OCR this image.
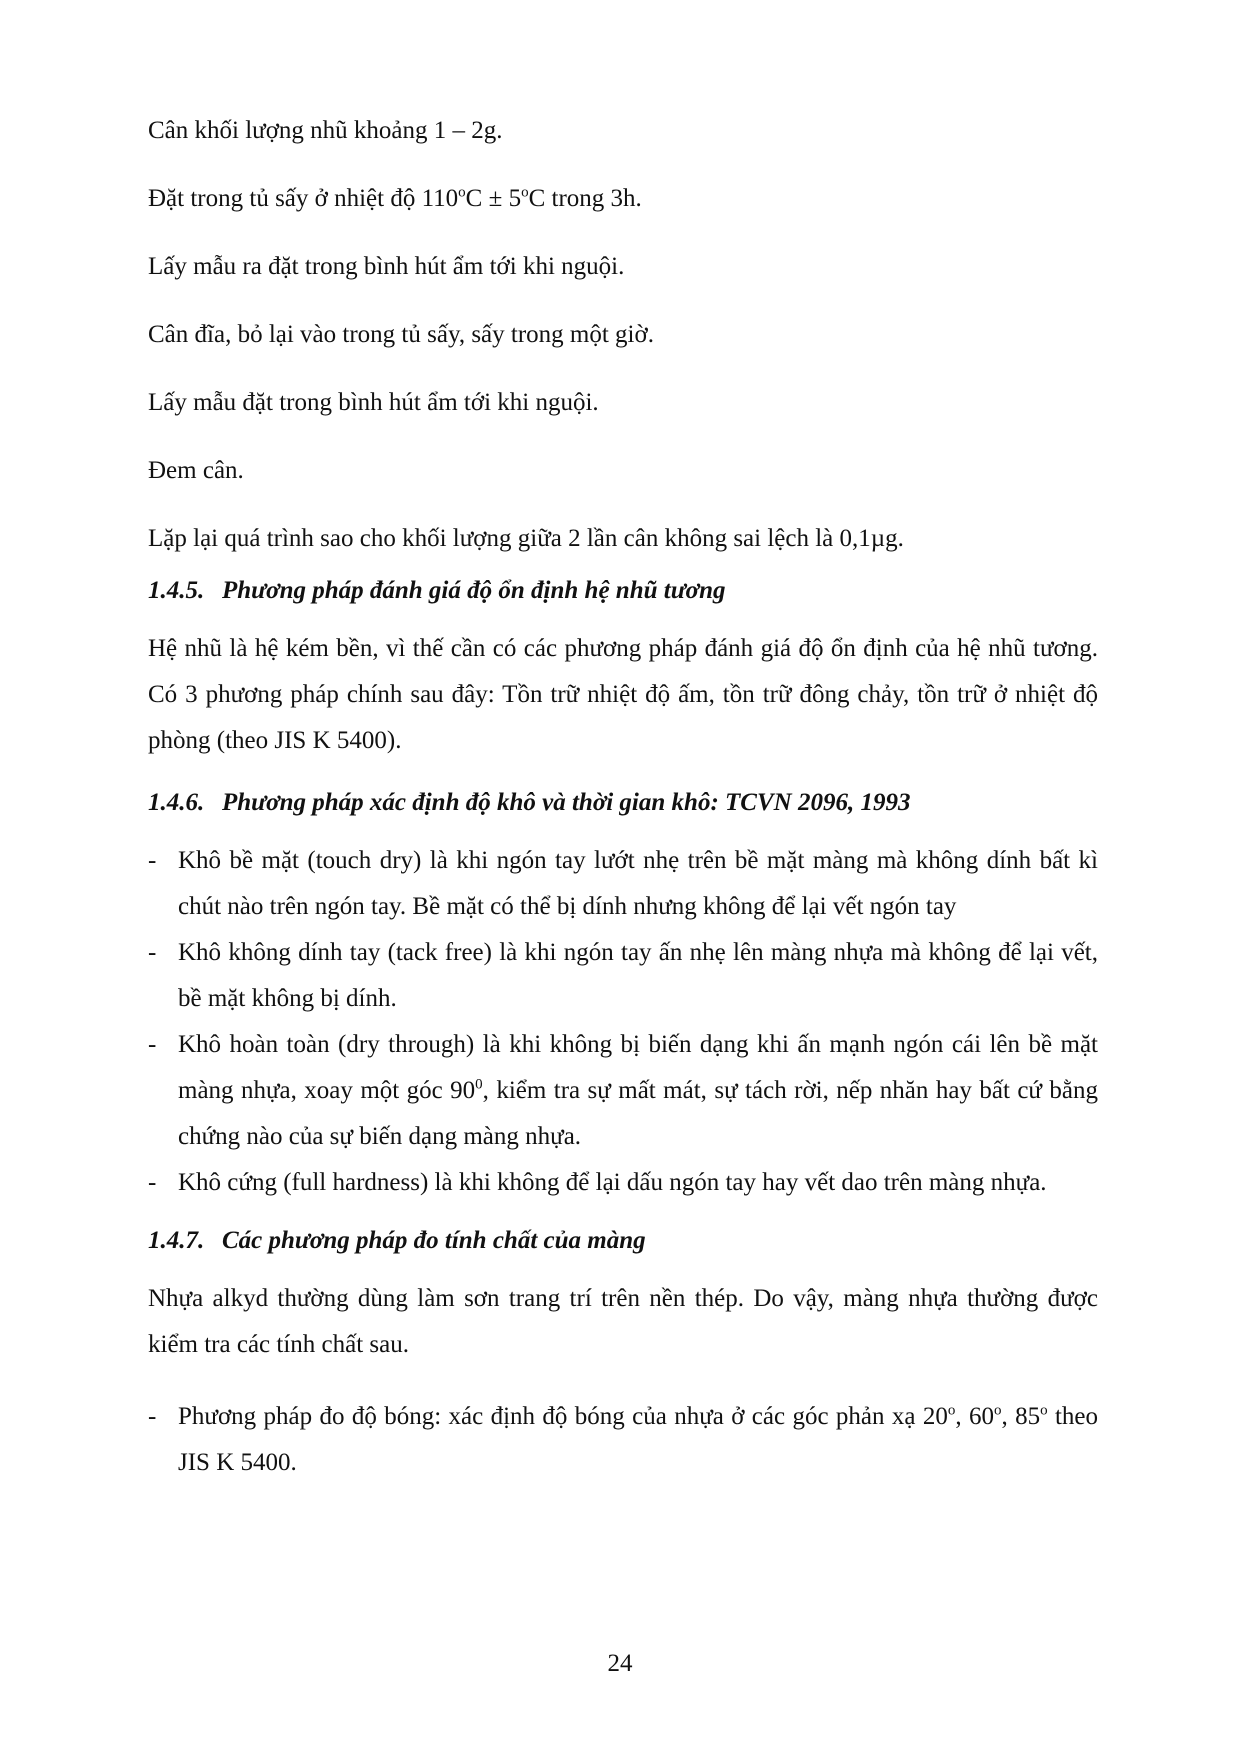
Cân khối lượng nhũ khoảng 1 – 2g.

Đặt trong tủ sấy ở nhiệt độ $110^oC \pm 5^oC$ trong 3h.

Lấy mẫu ra đặt trong bình hút ẩm tới khi nguội.

Cân đĩa, bỏ lại vào trong tủ sấy, sấy trong một giờ.

Lấy mẫu đặt trong bình hút ẩm tới khi nguội.

Đem cân.

Lặp lại quá trình sao cho khối lượng giữa 2 lần cân không sai lệch là 0,1µg.

1.4.5. Phương pháp đánh giá độ ổn định hệ nhũ tương

Hệ nhũ là hệ kém bền, vì thế cần có các phương pháp đánh giá độ ổn định của hệ nhũ tương. Có 3 phương pháp chính sau đây: Tồn trữ nhiệt độ ấm, tồn trữ đông chảy, tồn trữ ở nhiệt độ phòng (theo JIS K 5400).

1.4.6. Phương pháp xác định độ khô và thời gian khô: TCVN 2096, 1993

- Khô bề mặt (touch dry) là khi ngón tay lướt nhẹ trên bề mặt màng mà không dính bất kì chút nào trên ngón tay. Bề mặt có thể bị dính nhưng không để lại vết ngón tay
- Khô không dính tay (tack free) là khi ngón tay ấn nhẹ lên màng nhựa mà không để lại vết, bề mặt không bị dính.
- Khô hoàn toàn (dry through) là khi không bị biến dạng khi ấn mạnh ngón cái lên bề mặt màng nhựa, xoay một góc $90^0$, kiểm tra sự mất mát, sự tách rời, nếp nhăn hay bất cứ bằng chứng nào của sự biến dạng màng nhựa.
- Khô cứng (full hardness) là khi không để lại dấu ngón tay hay vết dao trên màng nhựa.

1.4.7. Các phương pháp đo tính chất của màng

Nhựa alkyd thường dùng làm sơn trang trí trên nền thép. Do vậy, màng nhựa thường được kiểm tra các tính chất sau.

- Phương pháp đo độ bóng: xác định độ bóng của nhựa ở các góc phản xạ 20$^o$, 60$^o$, 85$^o$ theo JIS K 5400.
24
